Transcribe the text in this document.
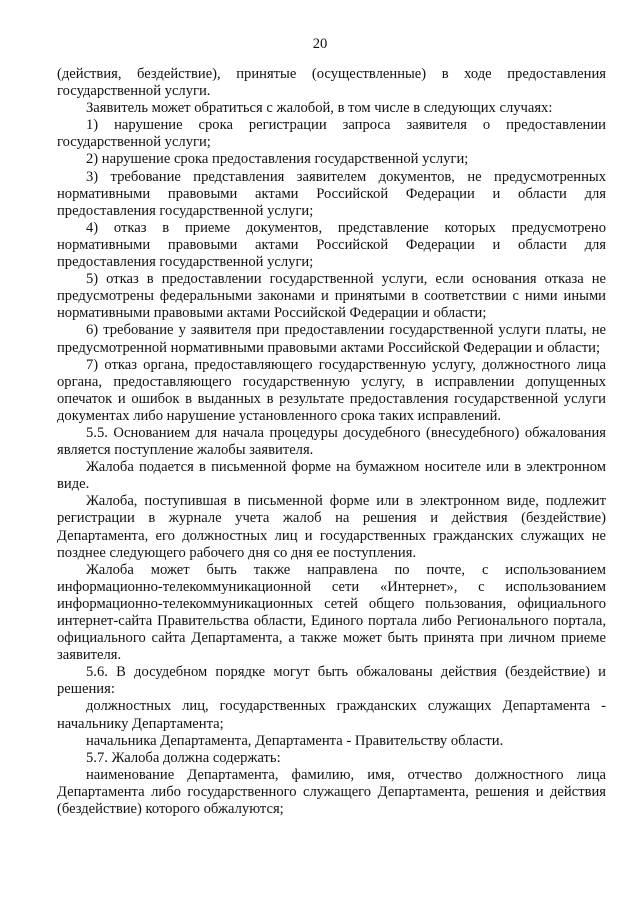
20

(действия, бездействие), принятые (осуществленные) в ходе предоставления государственной услуги.

Заявитель может обратиться с жалобой, в том числе в следующих случаях:

1) нарушение срока регистрации запроса заявителя о предоставлении государственной услуги;

2) нарушение срока предоставления государственной услуги;

3) требование представления заявителем документов, не предусмотренных нормативными правовыми актами Российской Федерации и области для предоставления государственной услуги;

4) отказ в приеме документов, представление которых предусмотрено нормативными правовыми актами Российской Федерации и области для предоставления государственной услуги;

5) отказ в предоставлении государственной услуги, если основания отказа не предусмотрены федеральными законами и принятыми в соответствии с ними иными нормативными правовыми актами Российской Федерации и области;

6) требование у заявителя при предоставлении государственной услуги платы, не предусмотренной нормативными правовыми актами Российской Федерации и области;

7) отказ органа, предоставляющего государственную услугу, должностного лица органа, предоставляющего государственную услугу, в исправлении допущенных опечаток и ошибок в выданных в результате предоставления государственной услуги документах либо нарушение установленного срока таких исправлений.

5.5. Основанием для начала процедуры досудебного (внесудебного) обжалования является поступление жалобы заявителя.

Жалоба подается в письменной форме на бумажном носителе или в электронном виде.

Жалоба, поступившая в письменной форме или в электронном виде, подлежит регистрации в журнале учета жалоб на решения и действия (бездействие) Департамента, его должностных лиц и государственных гражданских служащих не позднее следующего рабочего дня со дня ее поступления.

Жалоба может быть также направлена по почте, с использованием информационно-телекоммуникационной сети «Интернет», с использованием информационно-телекоммуникационных сетей общего пользования, официального интернет-сайта Правительства области, Единого портала либо Регионального портала, официального сайта Департамента, а также может быть принята при личном приеме заявителя.

5.6. В досудебном порядке могут быть обжалованы действия (бездействие) и решения:

должностных лиц, государственных гражданских служащих Департамента - начальнику Департамента;

начальника Департамента, Департамента - Правительству области.

5.7. Жалоба должна содержать:

наименование Департамента, фамилию, имя, отчество должностного лица Департамента либо государственного служащего Департамента, решения и действия (бездействие) которого обжалуются;
